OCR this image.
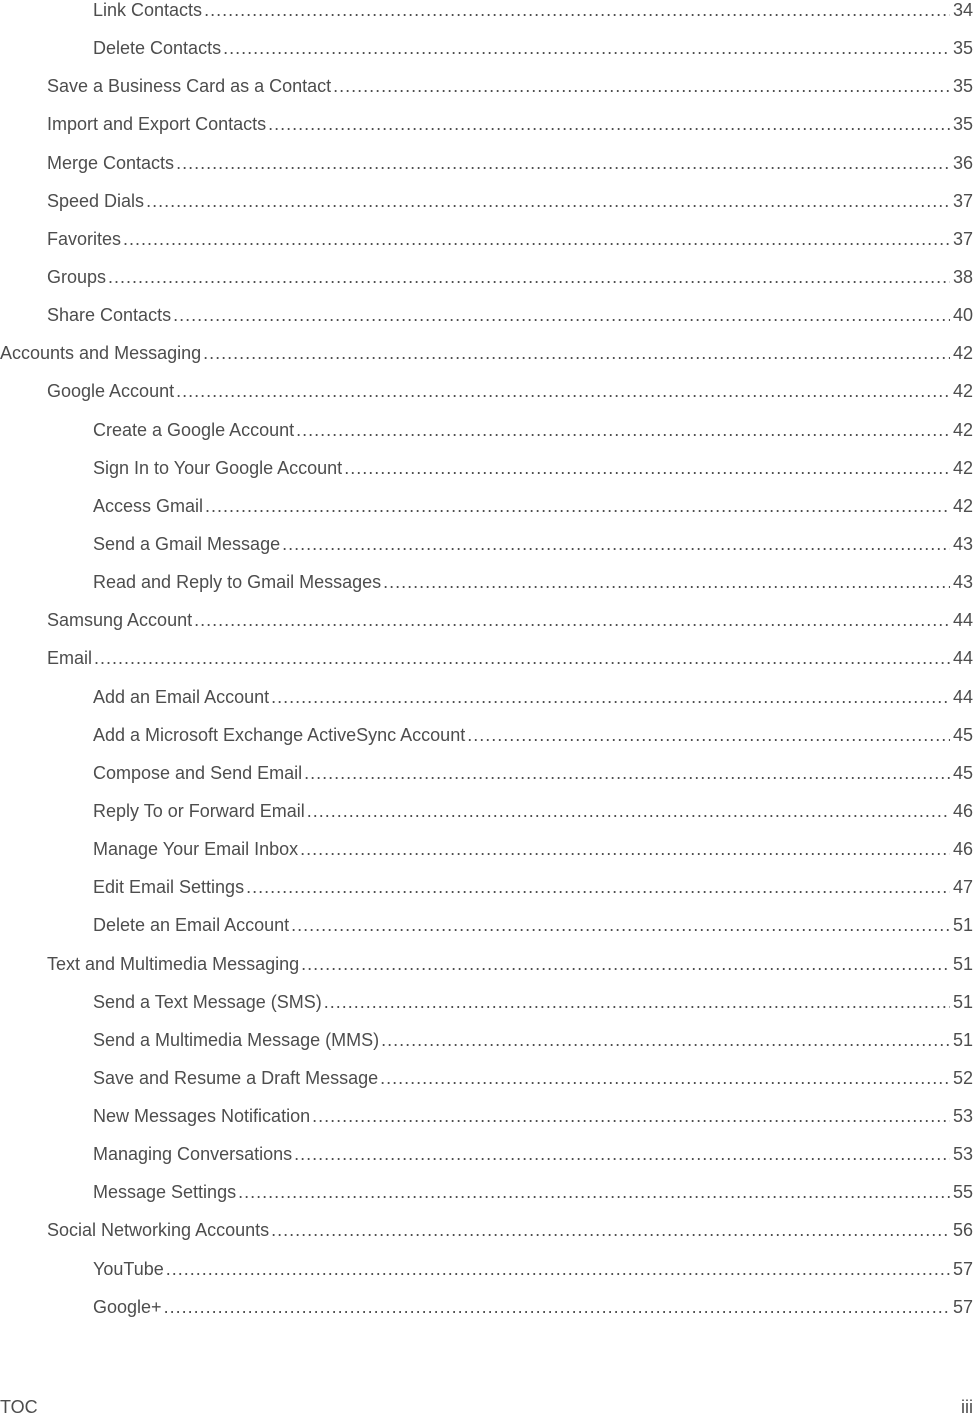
Link Contacts .....	34
Delete Contacts .....	35
Save a Business Card as a Contact .....	35
Import and Export Contacts .....	35
Merge Contacts .....	36
Speed Dials .....	37
Favorites .....	37
Groups .....	38
Share Contacts .....	40
Accounts and Messaging .....	42
Google Account .....	42
Create a Google Account .....	42
Sign In to Your Google Account .....	42
Access Gmail .....	42
Send a Gmail Message .....	43
Read and Reply to Gmail Messages .....	43
Samsung Account .....	44
Email .....	44
Add an Email Account .....	44
Add a Microsoft Exchange ActiveSync Account .....	45
Compose and Send Email .....	45
Reply To or Forward Email .....	46
Manage Your Email Inbox .....	46
Edit Email Settings .....	47
Delete an Email Account .....	51
Text and Multimedia Messaging .....	51
Send a Text Message (SMS) .....	51
Send a Multimedia Message (MMS) .....	51
Save and Resume a Draft Message .....	52
New Messages Notification .....	53
Managing Conversations .....	53
Message Settings .....	55
Social Networking Accounts .....	56
YouTube .....	57
Google+ .....	57
TOC	iii
